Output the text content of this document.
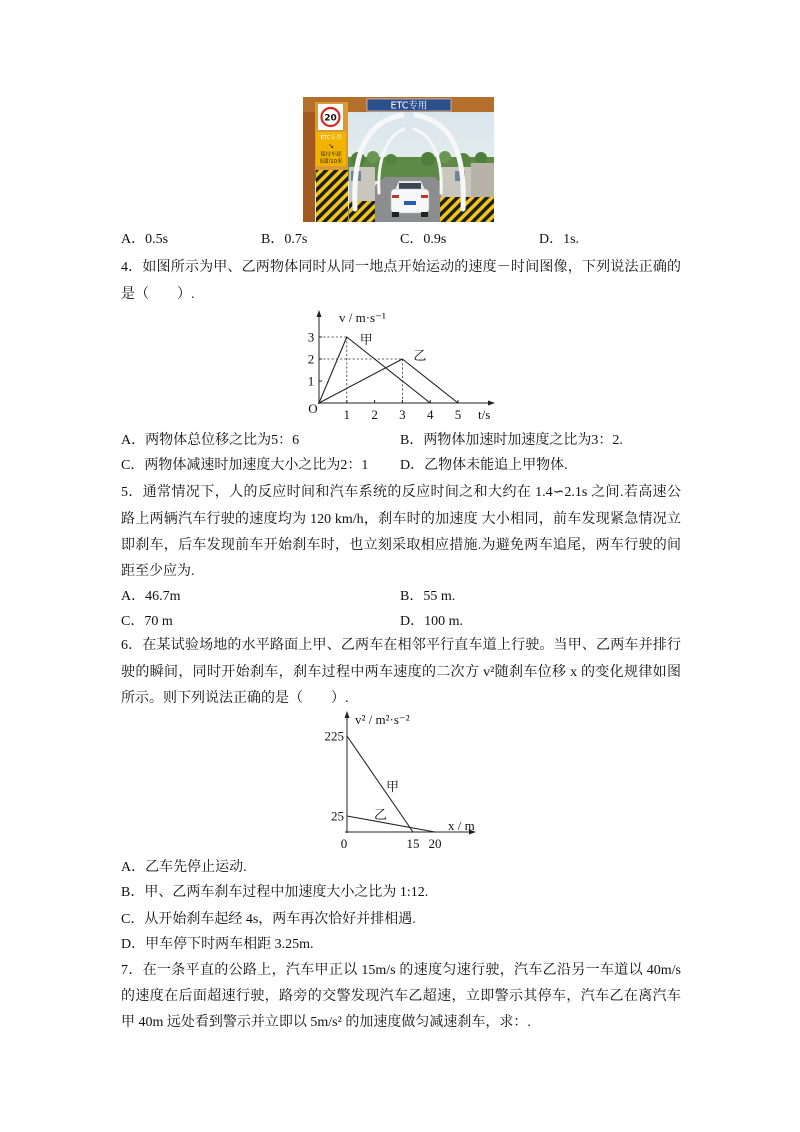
ETC专用
20
ETC专用
↘
保持车距
间距10米
A．0.5s	B．0.7s	C．0.9s	D．1s.
4．如图所示为甲、乙两物体同时从同一地点开始运动的速度－时间图像，下列说法正确的
是（　　）.
O
v / m·s⁻¹
t/s
甲
乙
1
2
3
1 2 3 4 5
A．两物体总位移之比为5：6	B．两物体加速时加速度之比为3：2.
C．两物体减速时加速度大小之比为2：1 D．乙物体未能追上甲物体.
5．通常情况下，人的反应时间和汽车系统的反应时间之和大约在 1.4∽2.1s 之间.若高速公
路上两辆汽车行驶的速度均为 120 km/h，刹车时的加速度 大小相同，前车发现紧急情况立
即刹车，后车发现前车开始刹车时，也立刻采取相应措施.为避免两车追尾，两车行驶的间
距至少应为.
A．46.7m	B．55 m.
C．70 m	D．100 m.
6．在某试验场地的水平路面上甲、乙两车在相邻平行直车道上行驶。当甲、乙两车并排行
驶的瞬间，同时开始刹车，刹车过程中两车速度的二次方 v²随刹车位移 x 的变化规律如图
所示。则下列说法正确的是（　　）.
0
v² / m²·s⁻²
x / m
甲
乙
25
225
15 20
A．乙车先停止运动.
B．甲、乙两车刹车过程中加速度大小之比为 1:12.
C．从开始刹车起经 4s，两车再次恰好并排相遇.
D．甲车停下时两车相距 3.25m.
7．在一条平直的公路上，汽车甲正以 15m/s 的速度匀速行驶，汽车乙沿另一车道以 40m/s
的速度在后面超速行驶，路旁的交警发现汽车乙超速，立即警示其停车，汽车乙在离汽车
甲 40m 远处看到警示并立即以 5m/s² 的加速度做匀减速刹车，求：.
